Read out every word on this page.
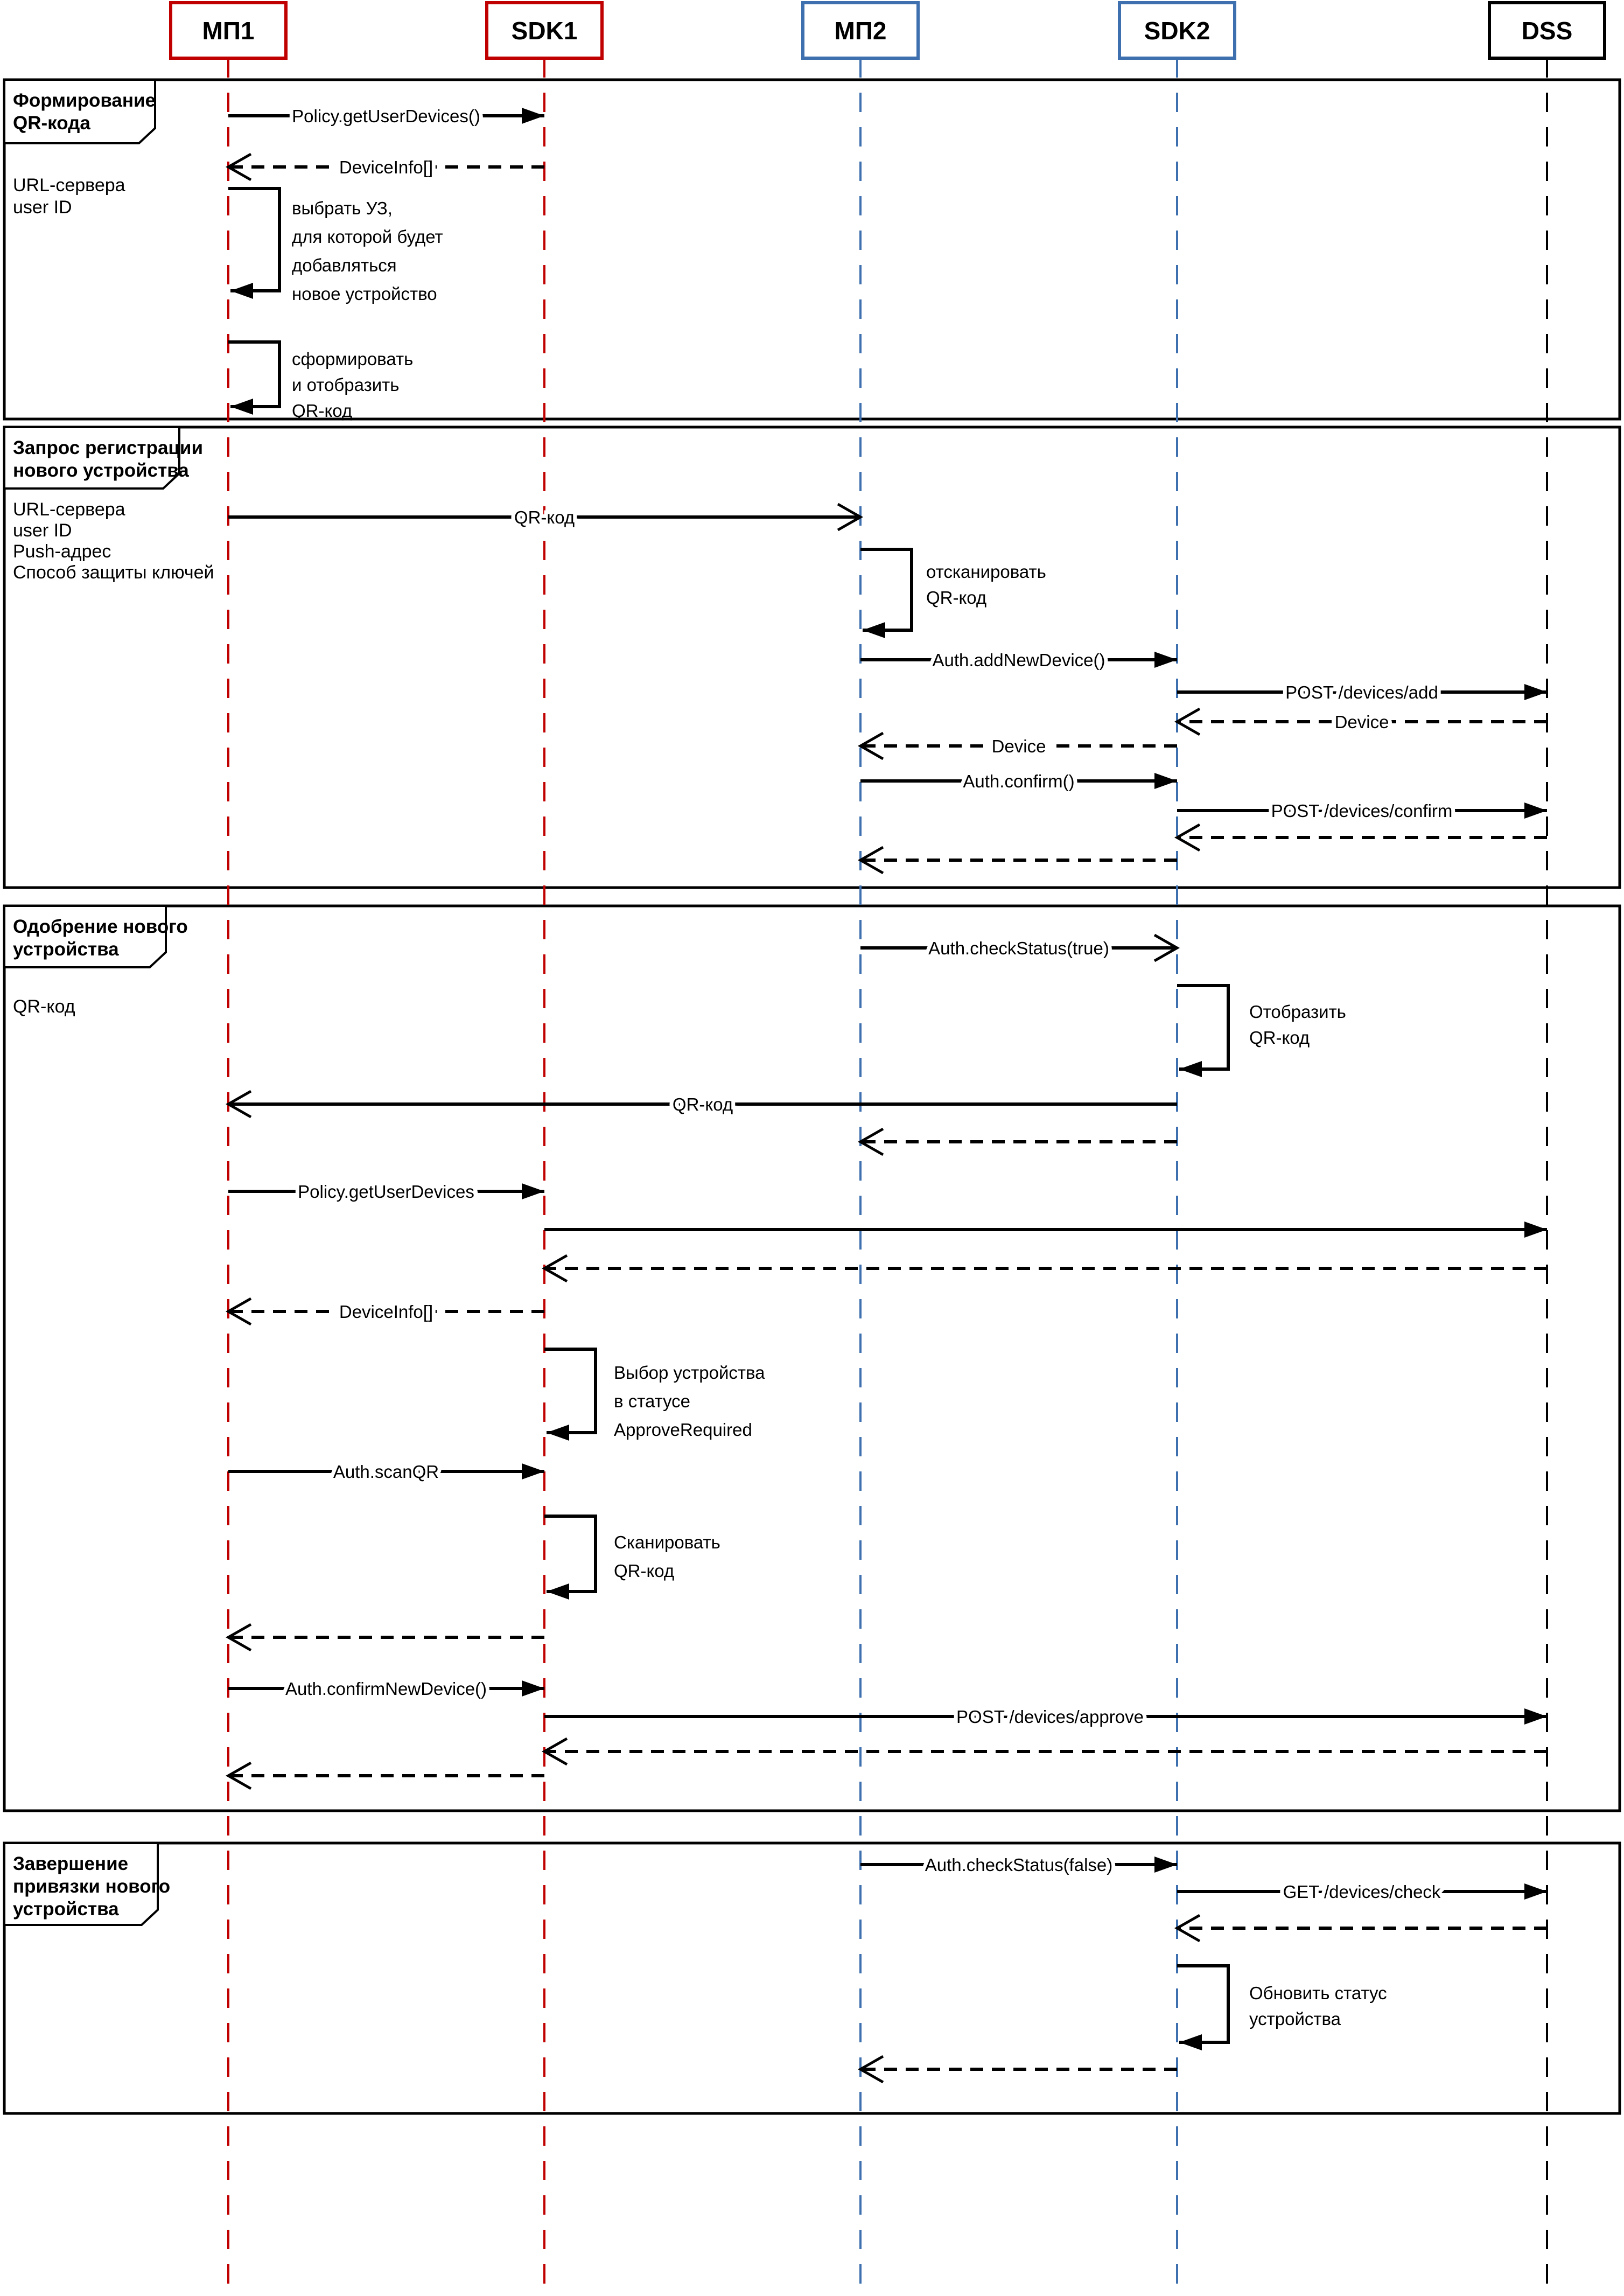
МП1	SDK1	МП2	SDK2	DSS
Формирование
QR-кода
URL-сервера
user ID
Запрос регистрации
нового устройства
URL-сервера
user ID
Push-адрес
Способ защиты ключей
Одобрение нового
устройства
QR-код
Завершение
привязки нового
устройства
Policy.getUserDevices()
DeviceInfo[]
выбрать УЗ,
для которой будет
добавляться
новое устройство
сформировать
и отобразить
QR-код
QR-код
отсканировать
QR-код
Auth.addNewDevice()
POST /devices/add
Device
Device
Auth.confirm()
POST /devices/confirm
Auth.checkStatus(true)
Отобразить
QR-код
QR-код
Policy.getUserDevices
DeviceInfo[]
Выбор устройства
в статусе
ApproveRequired
Auth.scanQR
Сканировать
QR-код
Auth.confirmNewDevice()
POST /devices/approve
Auth.checkStatus(false)
GET /devices/check
Обновить статус
устройства
